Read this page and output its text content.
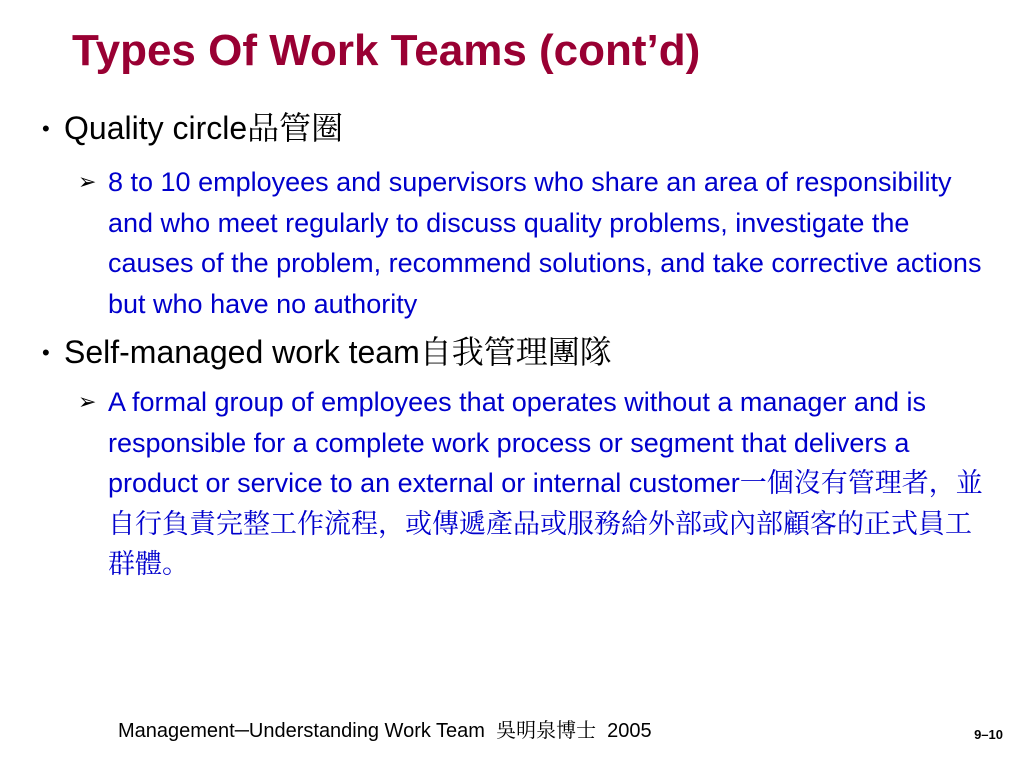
Types Of Work Teams (cont’d)
• Quality circle品管圈
➢ 8 to 10 employees and supervisors who share an area of responsibility and who meet regularly to discuss quality problems, investigate the causes of the problem, recommend solutions, and take corrective actions but who have no authority
• Self-managed work team自我管理團隊
➢ A formal group of employees that operates without a manager and is responsible for a complete work process or segment that delivers a product or service to an external or internal customer一個沒有管理者，並自行負責完整工作流程，或傳遞產品或服務給外部或內部顧客的正式員工群體。
Management─Understanding Work Team  吳明泉博士  2005	9–10
